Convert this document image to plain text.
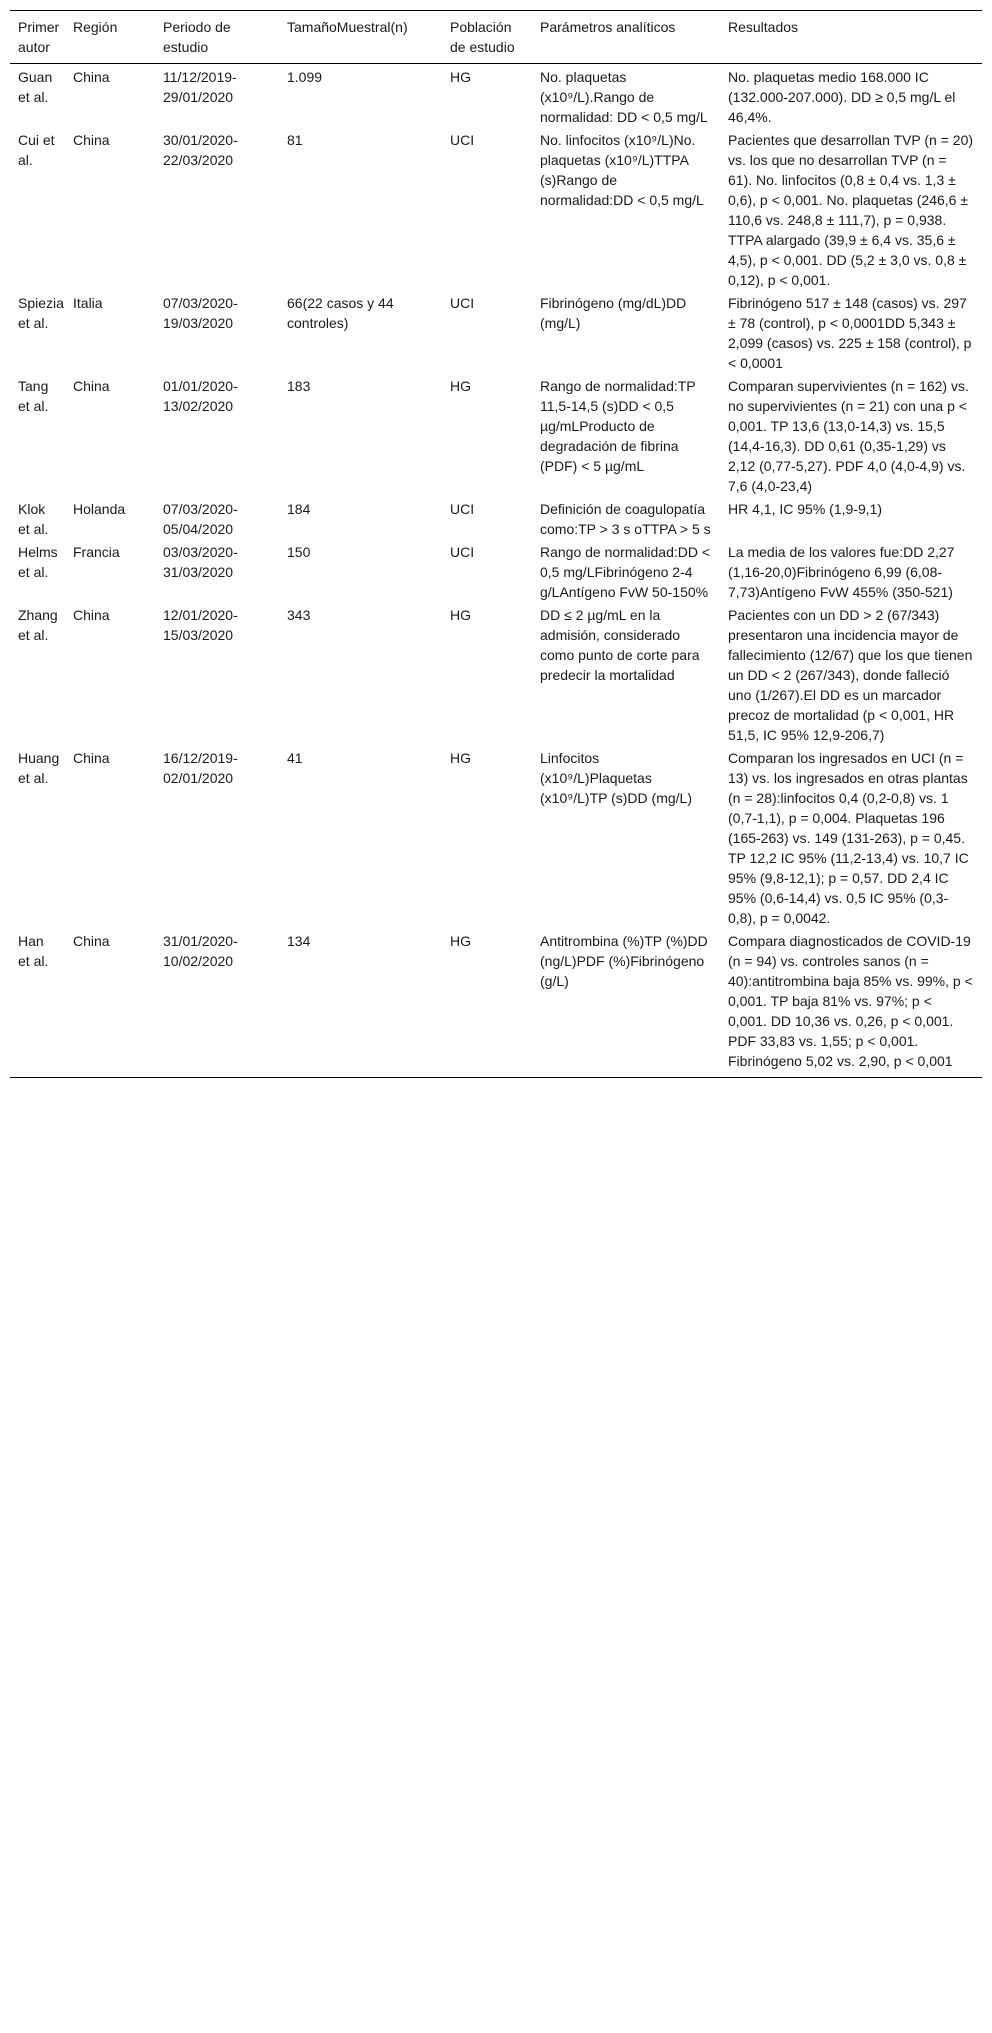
Primer autor	Región	Periodo de estudio	TamañoMuestral(n)	Población de estudio	Parámetros analíticos	Resultados
Guan et al.	China	11/12/2019-29/01/2020	1.099	HG	No. plaquetas (x10⁹/L).Rango de normalidad: DD < 0,5 mg/L	No. plaquetas medio 168.000 IC (132.000-207.000). DD ≥ 0,5 mg/L el 46,4%.
Cui et al.	China	30/01/2020-22/03/2020	81	UCI	No. linfocitos (x10⁹/L)No. plaquetas (x10⁹/L)TTPA (s)Rango de normalidad:DD < 0,5 mg/L	Pacientes que desarrollan TVP (n = 20) vs. los que no desarrollan TVP (n = 61). No. linfocitos (0,8 ± 0,4 vs. 1,3 ± 0,6), p < 0,001. No. plaquetas (246,6 ± 110,6 vs. 248,8 ± 111,7), p = 0,938. TTPA alargado (39,9 ± 6,4 vs. 35,6 ± 4,5), p < 0,001. DD (5,2 ± 3,0 vs. 0,8 ± 0,12), p < 0,001.
Spiezia et al.	Italia	07/03/2020-19/03/2020	66(22 casos y 44 controles)	UCI	Fibrinógeno (mg/dL)DD (mg/L)	Fibrinógeno 517 ± 148 (casos) vs. 297 ± 78 (control), p < 0,0001DD 5,343 ± 2,099 (casos) vs. 225 ± 158 (control), p < 0,0001
Tang et al.	China	01/01/2020-13/02/2020	183	HG	Rango de normalidad:TP 11,5-14,5 (s)DD < 0,5 µg/mLProducto de degradación de fibrina (PDF) < 5 µg/mL	Comparan supervivientes (n = 162) vs. no supervivientes (n = 21) con una p < 0,001. TP 13,6 (13,0-14,3) vs. 15,5 (14,4-16,3). DD 0,61 (0,35-1,29) vs 2,12 (0,77-5,27). PDF 4,0 (4,0-4,9) vs. 7,6 (4,0-23,4)
Klok et al.	Holanda	07/03/2020-05/04/2020	184	UCI	Definición de coagulopatía como:TP > 3 s oTTPA > 5 s	HR 4,1, IC 95% (1,9-9,1)
Helms et al.	Francia	03/03/2020-31/03/2020	150	UCI	Rango de normalidad:DD < 0,5 mg/LFibrinógeno 2-4 g/LAntígeno FvW 50-150%	La media de los valores fue:DD 2,27 (1,16-20,0)Fibrinógeno 6,99 (6,08-7,73)Antígeno FvW 455% (350-521)
Zhang et al.	China	12/01/2020-15/03/2020	343	HG	DD ≤ 2 µg/mL en la admisión, considerado como punto de corte para predecir la mortalidad	Pacientes con un DD > 2 (67/343) presentaron una incidencia mayor de fallecimiento (12/67) que los que tienen un DD < 2 (267/343), donde falleció uno (1/267).El DD es un marcador precoz de mortalidad (p < 0,001, HR 51,5, IC 95% 12,9-206,7)
Huang et al.	China	16/12/2019-02/01/2020	41	HG	Linfocitos (x10⁹/L)Plaquetas (x10⁹/L)TP (s)DD (mg/L)	Comparan los ingresados en UCI (n = 13) vs. los ingresados en otras plantas (n = 28):linfocitos 0,4 (0,2-0,8) vs. 1 (0,7-1,1), p = 0,004. Plaquetas 196 (165-263) vs. 149 (131-263), p = 0,45. TP 12,2 IC 95% (11,2-13,4) vs. 10,7 IC 95% (9,8-12,1); p = 0,57. DD 2,4 IC 95% (0,6-14,4) vs. 0,5 IC 95% (0,3-0,8), p = 0,0042.
Han et al.	China	31/01/2020-10/02/2020	134	HG	Antitrombina (%)TP (%)DD (ng/L)PDF (%)Fibrinógeno (g/L)	Compara diagnosticados de COVID-19 (n = 94) vs. controles sanos (n = 40):antitrombina baja 85% vs. 99%, p < 0,001. TP baja 81% vs. 97%; p < 0,001. DD 10,36 vs. 0,26, p < 0,001. PDF 33,83 vs. 1,55; p < 0,001. Fibrinógeno 5,02 vs. 2,90, p < 0,001
